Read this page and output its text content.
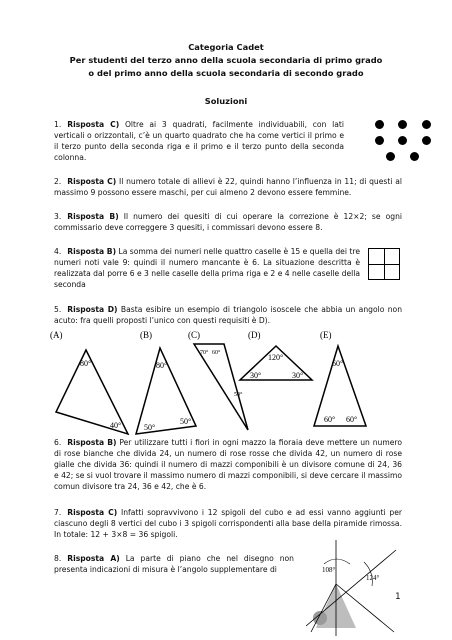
Categoria Cadet
Per studenti del terzo anno della scuola secondaria di primo grado
o del primo anno della scuola secondaria di secondo grado
Soluzioni
1. Risposta C) Oltre ai 3 quadrati, facilmente individuabili, con lati verticali o orizzontali, c’è un quarto quadrato che ha come vertici il primo e il terzo punto della seconda riga e il primo e il terzo punto della seconda colonna.
2. Risposta C) Il numero totale di allievi è 22, quindi hanno l’influenza in 11; di questi al massimo 9 possono essere maschi, per cui almeno 2 devono essere femmine.
3. Risposta B) Il numero dei quesiti di cui operare la correzione è 12×2; se ogni commissario deve correggere 3 quesiti, i commissari devono essere 8.
4. Risposta B) La somma dei numeri nelle quattro caselle è 15 e quella dei tre numeri noti vale 9: quindi il numero mancante è 6. La situazione descritta è realizzata dal porre 6 e 3 nelle caselle della prima riga e 2 e 4 nelle caselle della seconda
5. Risposta D) Basta esibire un esempio di triangolo isoscele che abbia un angolo non acuto: fra quelli proposti l’unico con questi requisiti è D).
(A)	(B)	(C)	(D)	(E)
80°
40°
80°
50°
50°
70° 60°
50°
120°
30°	30°
60°
60° 60°
6. Risposta B) Per utilizzare tutti i fiori in ogni mazzo la fioraia deve mettere un numero di rose bianche che divida 24, un numero di rose rosse che divida 42, un numero di rose gialle che divida 36: quindi il numero di mazzi componibili è un divisore comune di 24, 36 e 42; se si vuol trovare il massimo numero di mazzi componibili, si deve cercare il massimo comun divisore tra 24, 36 e 42, che è 6.
7. Risposta C) Infatti sopravvivono i 12 spigoli del cubo e ad essi vanno aggiunti per ciascuno degli 8 vertici del cubo i 3 spigoli corrispondenti alla base della piramide rimossa. In totale: 12 + 3×8 = 36 spigoli.
8. Risposta A) La parte di piano che nel disegno non presenta indicazioni di misura è l’angolo supplementare di	108°
124°
1
